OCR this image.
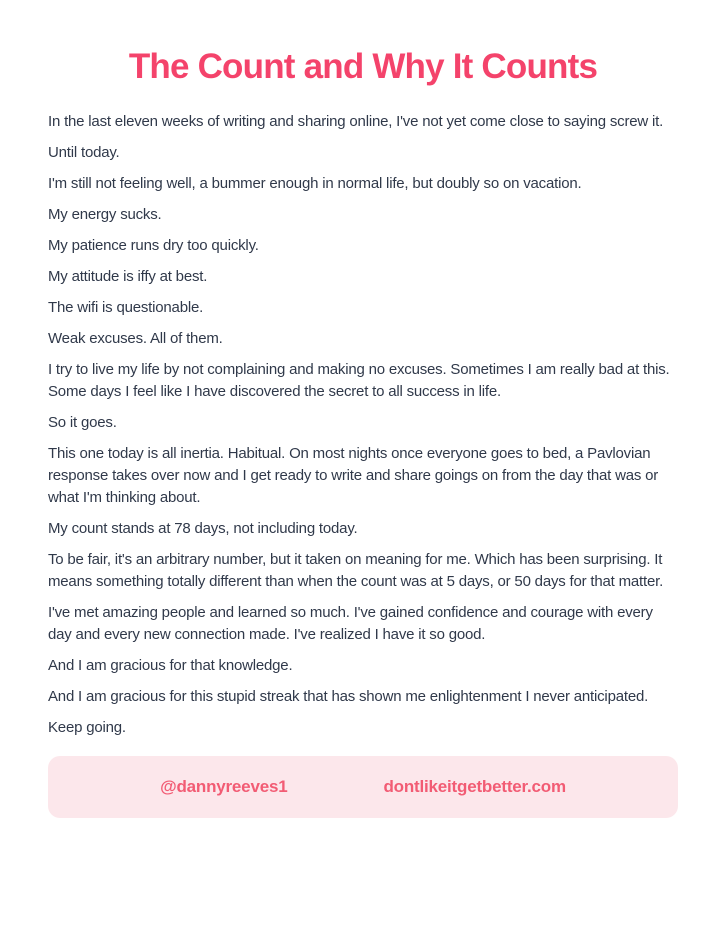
The Count and Why It Counts

In the last eleven weeks of writing and sharing online, I've not yet come close to saying screw it.

Until today.

I'm still not feeling well, a bummer enough in normal life, but doubly so on vacation.

My energy sucks.

My patience runs dry too quickly.

My attitude is iffy at best.

The wifi is questionable.

Weak excuses. All of them.

I try to live my life by not complaining and making no excuses. Sometimes I am really bad at this. Some days I feel like I have discovered the secret to all success in life.

So it goes.

This one today is all inertia. Habitual. On most nights once everyone goes to bed, a Pavlovian response takes over now and I get ready to write and share goings on from the day that was or what I'm thinking about.

My count stands at 78 days, not including today.

To be fair, it's an arbitrary number, but it taken on meaning for me. Which has been surprising. It means something totally different than when the count was at 5 days, or 50 days for that matter.

I've met amazing people and learned so much. I've gained confidence and courage with every day and every new connection made. I've realized I have it so good.

And I am gracious for that knowledge.

And I am gracious for this stupid streak that has shown me enlightenment I never anticipated.

Keep going.

@dannyreeves1	dontlikeitgetbetter.com
